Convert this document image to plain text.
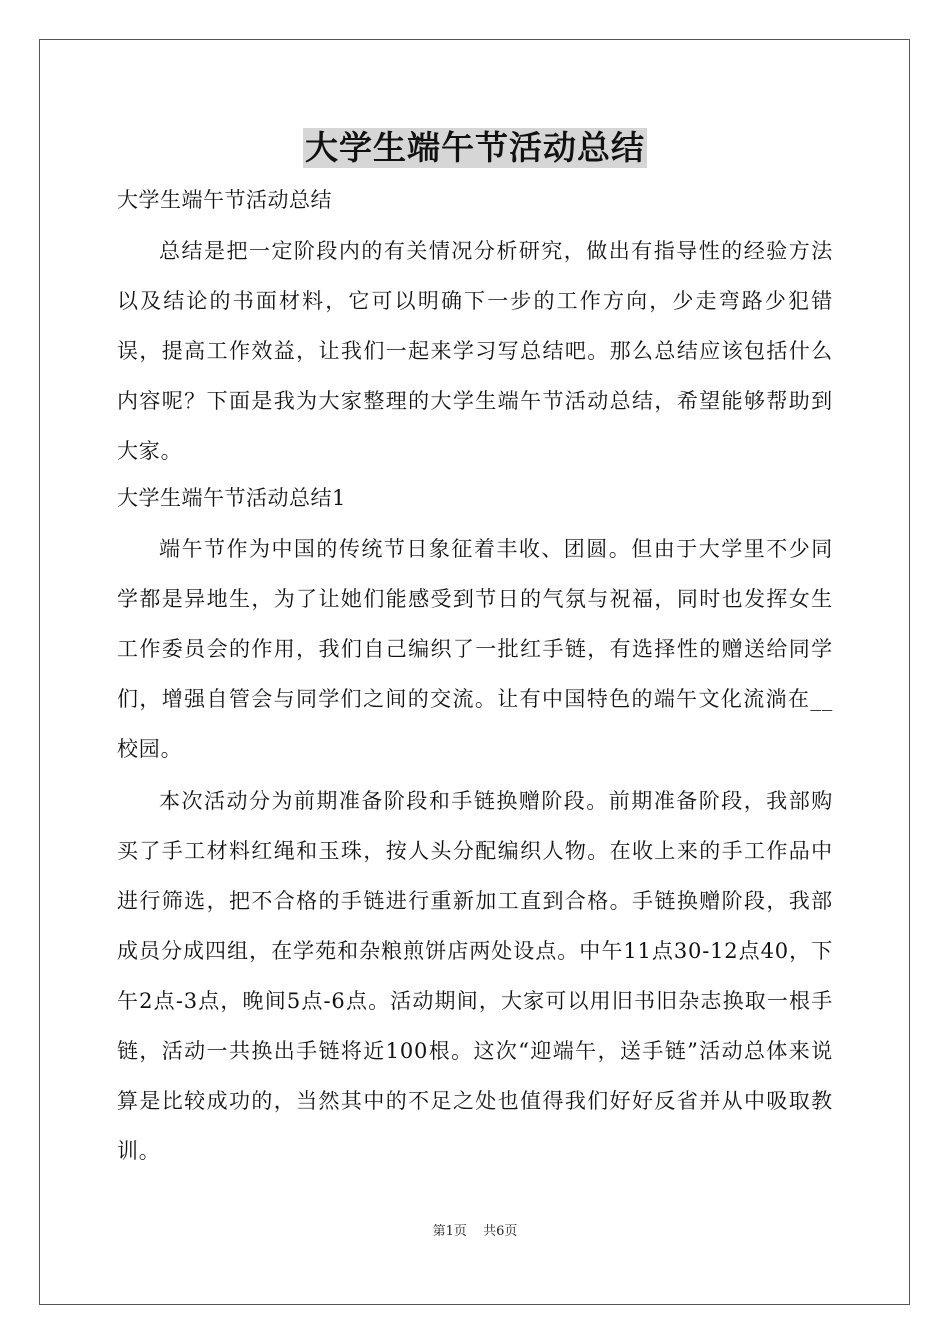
大学生端午节活动总结
大学生端午节活动总结

总结是把一定阶段内的有关情况分析研究，做出有指导性的经验方法以及结论的书面材料，它可以明确下一步的工作方向，少走弯路少犯错误，提高工作效益，让我们一起来学习写总结吧。那么总结应该包括什么内容呢？下面是我为大家整理的大学生端午节活动总结，希望能够帮助到大家。

大学生端午节活动总结1

端午节作为中国的传统节日象征着丰收、团圆。但由于大学里不少同学都是异地生，为了让她们能感受到节日的气氛与祝福，同时也发挥女生工作委员会的作用，我们自己编织了一批红手链，有选择性的赠送给同学们，增强自管会与同学们之间的交流。让有中国特色的端午文化流淌在__校园。

本次活动分为前期准备阶段和手链换赠阶段。前期准备阶段，我部购买了手工材料红绳和玉珠，按人头分配编织人物。在收上来的手工作品中进行筛选，把不合格的手链进行重新加工直到合格。手链换赠阶段，我部成员分成四组，在学苑和杂粮煎饼店两处设点。中午11点30-12点40，下午2点-3点，晚间5点-6点。活动期间，大家可以用旧书旧杂志换取一根手链，活动一共换出手链将近100根。这次“迎端午，送手链”活动总体来说算是比较成功的，当然其中的不足之处也值得我们好好反省并从中吸取教训。

第1页 共6页
